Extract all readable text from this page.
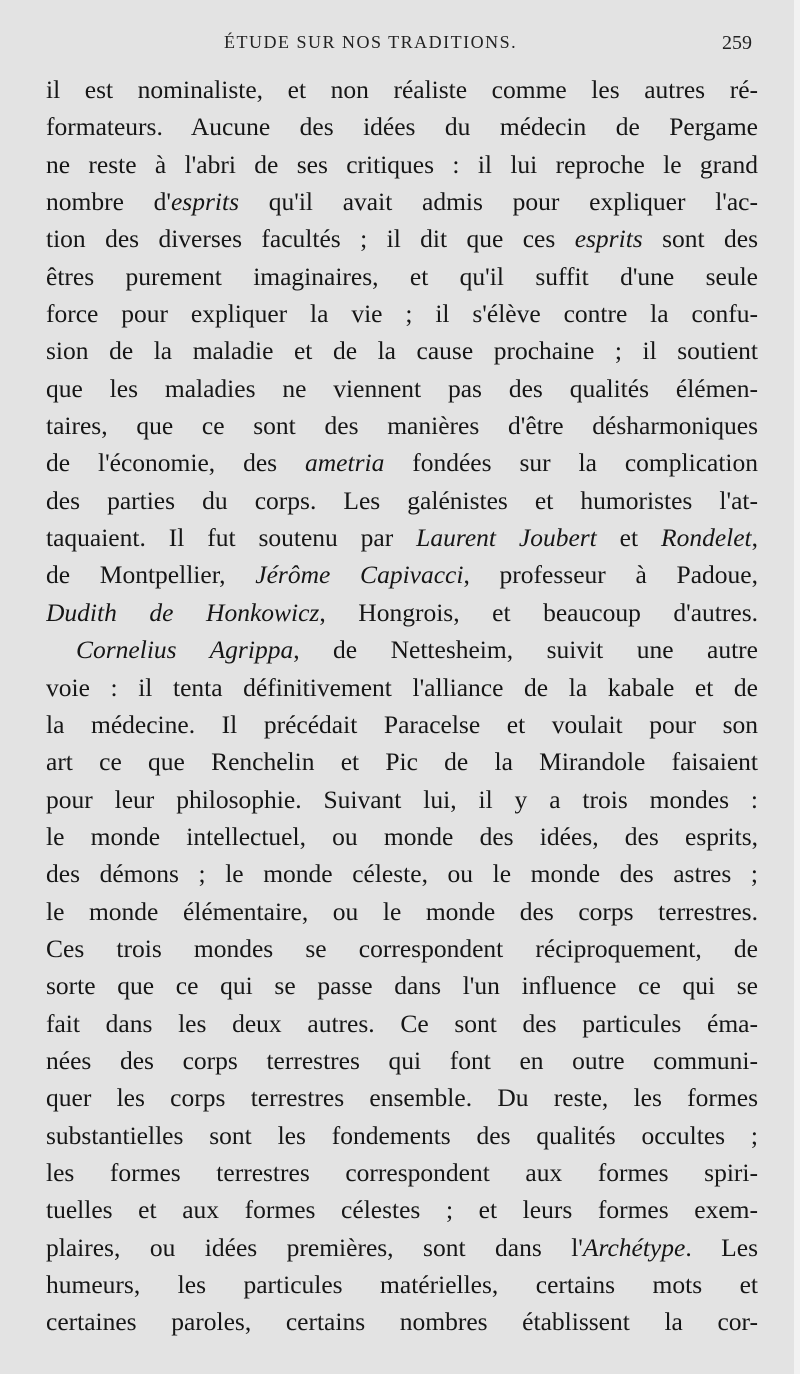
ÉTUDE SUR NOS TRADITIONS.	259
il est nominaliste, et non réaliste comme les autres ré-
formateurs. Aucune des idées du médecin de Pergame
ne reste à l'abri de ses critiques : il lui reproche le grand
nombre d'esprits qu'il avait admis pour expliquer l'ac-
tion des diverses facultés ; il dit que ces esprits sont des
êtres purement imaginaires, et qu'il suffit d'une seule
force pour expliquer la vie ; il s'élève contre la confu-
sion de la maladie et de la cause prochaine ; il soutient
que les maladies ne viennent pas des qualités élémen-
taires, que ce sont des manières d'être désharmoniques
de l'économie, des ametria fondées sur la complication
des parties du corps. Les galénistes et humoristes l'at-
taquaient. Il fut soutenu par Laurent Joubert et Rondelet,
de Montpellier, Jérôme Capivacci, professeur à Padoue,
Dudith de Honkowicz, Hongrois, et beaucoup d'autres.
Cornelius Agrippa, de Nettesheim, suivit une autre
voie : il tenta définitivement l'alliance de la kabale et de
la médecine. Il précédait Paracelse et voulait pour son
art ce que Renchelin et Pic de la Mirandole faisaient
pour leur philosophie. Suivant lui, il y a trois mondes :
le monde intellectuel, ou monde des idées, des esprits,
des démons ; le monde céleste, ou le monde des astres ;
le monde élémentaire, ou le monde des corps terrestres.
Ces trois mondes se correspondent réciproquement, de
sorte que ce qui se passe dans l'un influence ce qui se
fait dans les deux autres. Ce sont des particules éma-
nées des corps terrestres qui font en outre communi-
quer les corps terrestres ensemble. Du reste, les formes
substantielles sont les fondements des qualités occultes ;
les formes terrestres correspondent aux formes spiri-
tuelles et aux formes célestes ; et leurs formes exem-
plaires, ou idées premières, sont dans l'Archétype. Les
humeurs, les particules matérielles, certains mots et
certaines paroles, certains nombres établissent la cor-
